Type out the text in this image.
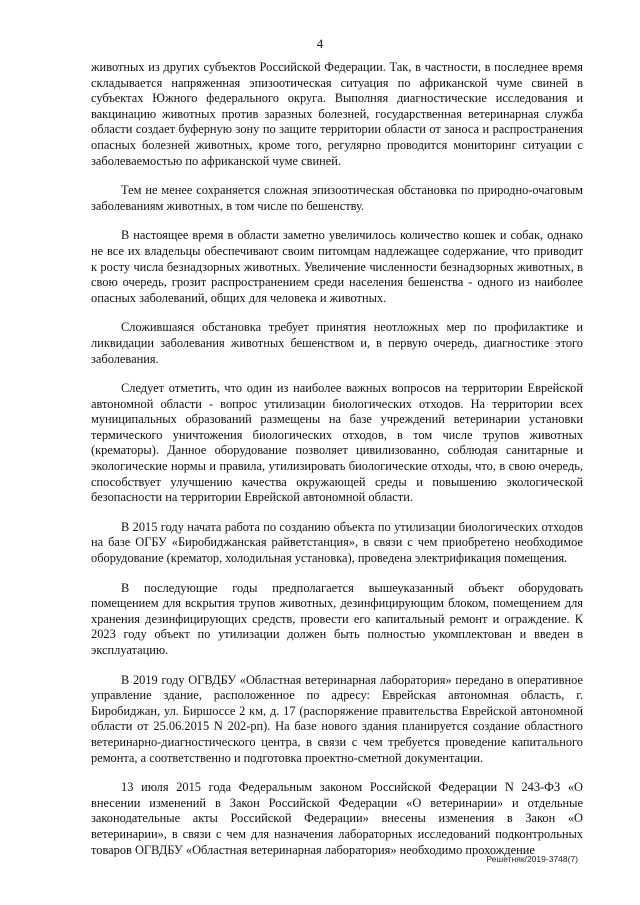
4

животных из других субъектов Российской Федерации. Так, в частности, в последнее время складывается напряженная эпизоотическая ситуация по африканской чуме свиней в субъектах Южного федерального округа. Выполняя диагностические исследования и вакцинацию животных против заразных болезней, государственная ветеринарная служба области создает буферную зону по защите территории области от заноса и распространения опасных болезней животных, кроме того, регулярно проводится мониторинг ситуации с заболеваемостью по африканской чуме свиней.

Тем не менее сохраняется сложная эпизоотическая обстановка по природно-очаговым заболеваниям животных, в том числе по бешенству.

В настоящее время в области заметно увеличилось количество кошек и собак, однако не все их владельцы обеспечивают своим питомцам надлежащее содержание, что приводит к росту числа безнадзорных животных. Увеличение численности безнадзорных животных, в свою очередь, грозит распространением среди населения бешенства - одного из наиболее опасных заболеваний, общих для человека и животных.

Сложившаяся обстановка требует принятия неотложных мер по профилактике и ликвидации заболевания животных бешенством и, в первую очередь, диагностике этого заболевания.

Следует отметить, что один из наиболее важных вопросов на территории Еврейской автономной области - вопрос утилизации биологических отходов. На территории всех муниципальных образований размещены на базе учреждений ветеринарии установки термического уничтожения биологических отходов, в том числе трупов животных (крематоры). Данное оборудование позволяет цивилизованно, соблюдая санитарные и экологические нормы и правила, утилизировать биологические отходы, что, в свою очередь, способствует улучшению качества окружающей среды и повышению экологической безопасности на территории Еврейской автономной области.

В 2015 году начата работа по созданию объекта по утилизации биологических отходов на базе ОГБУ «Биробиджанская райветстанция», в связи с чем приобретено необходимое оборудование (крематор, холодильная установка), проведена электрификация помещения.

В последующие годы предполагается вышеуказанный объект оборудовать помещением для вскрытия трупов животных, дезинфицирующим блоком, помещением для хранения дезинфицирующих средств, провести его капитальный ремонт и ограждение. К 2023 году объект по утилизации должен быть полностью укомплектован и введен в эксплуатацию.

В 2019 году ОГВДБУ «Областная ветеринарная лаборатория» передано в оперативное управление здание, расположенное по адресу: Еврейская автономная область, г. Биробиджан, ул. Биршоссе 2 км, д. 17 (распоряжение правительства Еврейской автономной области от 25.06.2015 N 202-рп). На базе нового здания планируется создание областного ветеринарно-диагностического центра, в связи с чем требуется проведение капитального ремонта, а соответственно и подготовка проектно-сметной документации.

13 июля 2015 года Федеральным законом Российской Федерации N 243-ФЗ «О внесении изменений в Закон Российской Федерации «О ветеринарии» и отдельные законодательные акты Российской Федерации» внесены изменения в Закон «О ветеринарии», в связи с чем для назначения лабораторных исследований подконтрольных товаров ОГВДБУ «Областная ветеринарная лаборатория» необходимо прохождение

Решетняк/2019-3748(7)
